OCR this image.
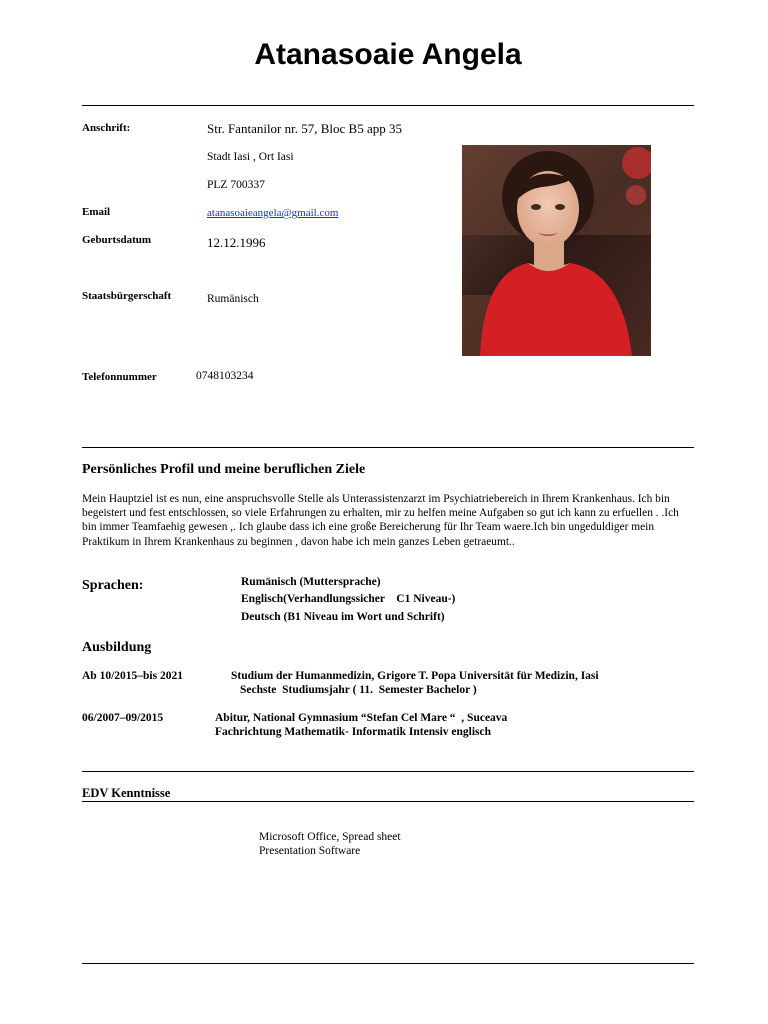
Atanasoaie Angela
Anschrift:	Str. Fantanilor nr. 57, Bloc B5 app 35
Stadt Iasi , Ort Iasi
PLZ 700337
Email	atanasoaieangela@gmail.com
Geburtsdatum	12.12.1996
Staatsbürgerschaft	Rumänisch
Telefonnummer	0748103234
Persönliches Profil und meine beruflichen Ziele
Mein Hauptziel ist es nun, eine anspruchsvolle Stelle als Unterassistenzarzt im Psychiatriebereich in Ihrem Krankenhaus. Ich bin begeistert und fest entschlossen, so viele Erfahrungen zu erhalten, mir zu helfen meine Aufgaben so gut ich kann zu erfuellen . .Ich bin immer Teamfaehig gewesen ,. Ich glaube dass ich eine große Bereicherung für Ihr Team waere.Ich bin ungeduldiger mein Praktikum in Ihrem Krankenhaus zu beginnen , davon habe ich mein ganzes Leben getraeumt..
Sprachen:	Rumänisch (Muttersprache)
Englisch(Verhandlungssicher    C1 Niveau-)
Deutsch (B1 Niveau im Wort und Schrift)
Ausbildung
Ab 10/2015–bis 2021	Studium der Humanmedizin, Grigore T. Popa Universität für Medizin, Iasi
Sechste  Studiumsjahr ( 11.  Semester Bachelor )
06/2007–09/2015	Abitur, National Gymnasium “Stefan Cel Mare “  , Suceava
Fachrichtung Mathematik- Informatik Intensiv englisch
EDV Kenntnisse
Microsoft Office, Spread sheet
Presentation Software
